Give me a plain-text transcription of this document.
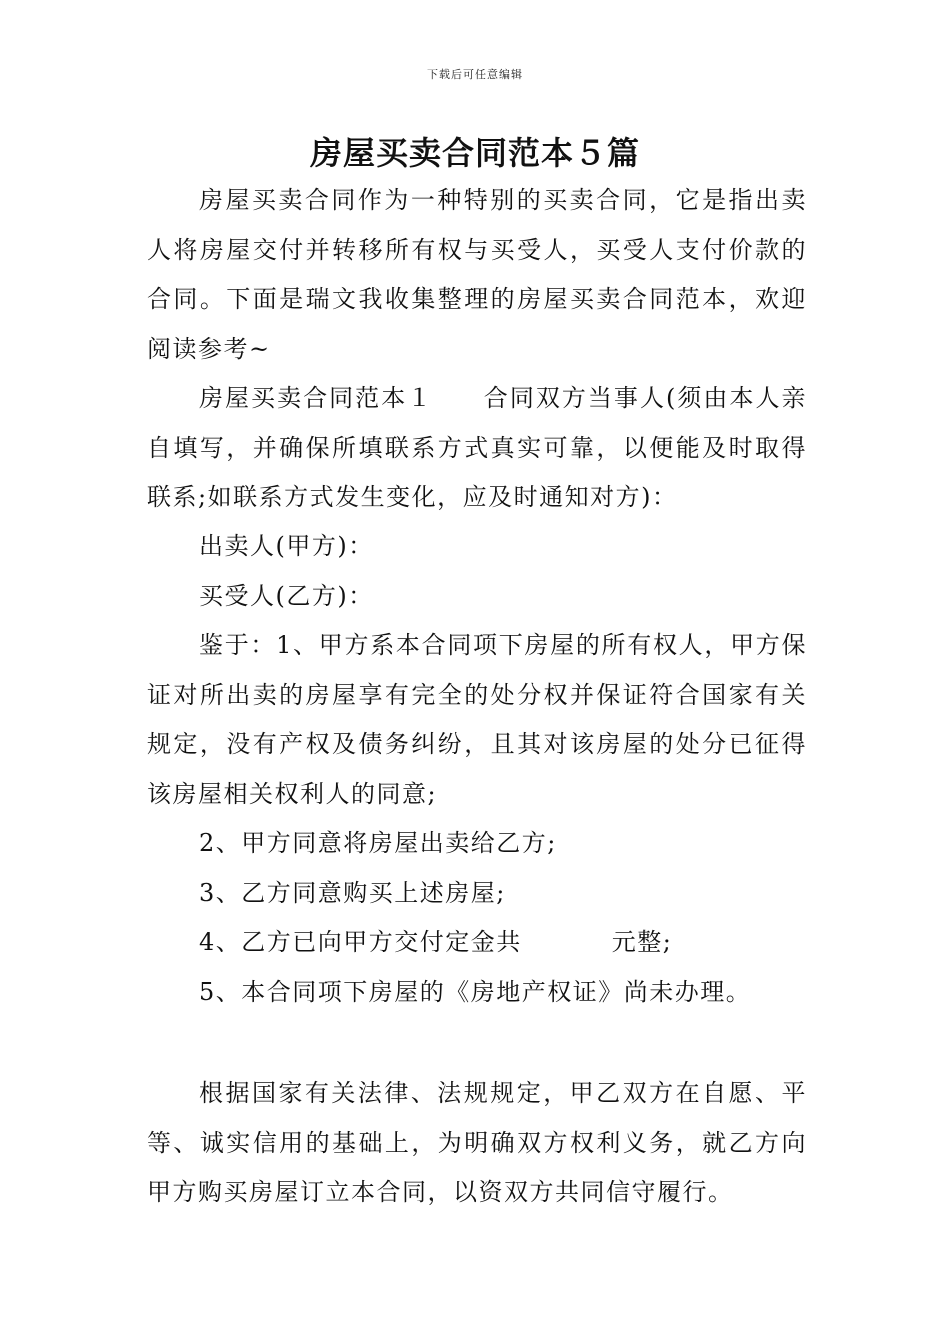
下载后可任意编辑
房屋买卖合同范本５篇

房屋买卖合同作为一种特别的买卖合同，它是指出卖人将房屋交付并转移所有权与买受人，买受人支付价款的合同。下面是瑞文我收集整理的房屋买卖合同范本，欢迎阅读参考~

房屋买卖合同范本１ 合同双方当事人(须由本人亲自填写，并确保所填联系方式真实可靠，以便能及时取得联系;如联系方式发生变化，应及时通知对方)：

出卖人(甲方)：

买受人(乙方)：

鉴于：1、甲方系本合同项下房屋的所有权人，甲方保证对所出卖的房屋享有完全的处分权并保证符合国家有关规定，没有产权及债务纠纷，且其对该房屋的处分已征得该房屋相关权利人的同意;

2、甲方同意将房屋出卖给乙方;

3、乙方同意购买上述房屋;

4、乙方已向甲方交付定金共	元整;

5、本合同项下房屋的《房地产权证》尚未办理。

根据国家有关法律、法规规定，甲乙双方在自愿、平等、诚实信用的基础上，为明确双方权利义务，就乙方向甲方购买房屋订立本合同，以资双方共同信守履行。
